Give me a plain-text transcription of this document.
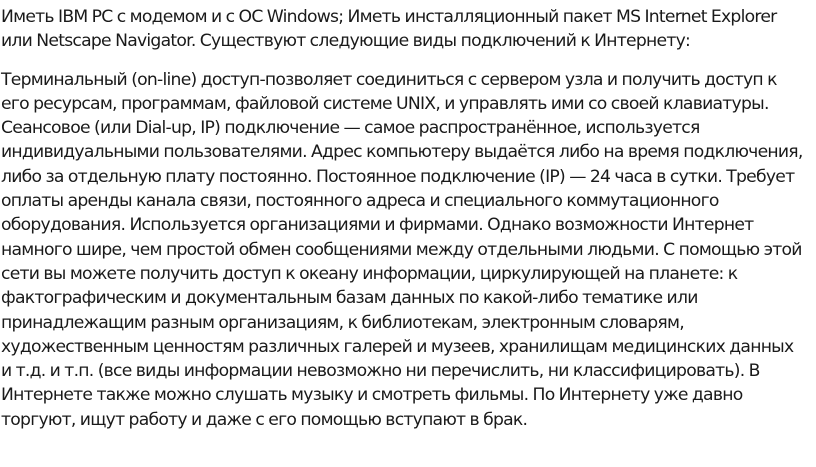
Иметь IBM PC с модемом и с ОС Windows; Иметь инсталляционный пакет MS Internet Explorer или Netscape Navigator. Существуют следующие виды подключений к Интернету:

Терминальный (on-line) доступ-позволяет соединиться с сервером узла и получить доступ к его ресурсам, программам, файловой системе UNIX, и управлять ими со своей клавиатуры. Сеансовое (или Dial-up, IP) подключение — самое распространённое, используется индивидуальными пользователями. Адрес компьютеру выдаётся либо на время подключения, либо за отдельную плату постоянно. Постоянное подключение (IP) — 24 часа в сутки. Требует оплаты аренды канала связи, постоянного адреса и специального коммутационного оборудования. Используется организациями и фирмами. Однако возможности Интернет намного шире, чем простой обмен сообщениями между отдельными людьми. С помощью этой сети вы можете получить доступ к океану информации, циркулирующей на планете: к фактографическим и документальным базам данных по какой-либо тематике или принадлежащим разным организациям, к библиотекам, электронным словарям, художественным ценностям различных галерей и музеев, хранилищам медицинских данных и т.д. и т.п. (все виды информации невозможно ни перечислить, ни классифицировать). В Интернете также можно слушать музыку и смотреть фильмы. По Интернету уже давно торгуют, ищут работу и даже с его помощью вступают в брак.
